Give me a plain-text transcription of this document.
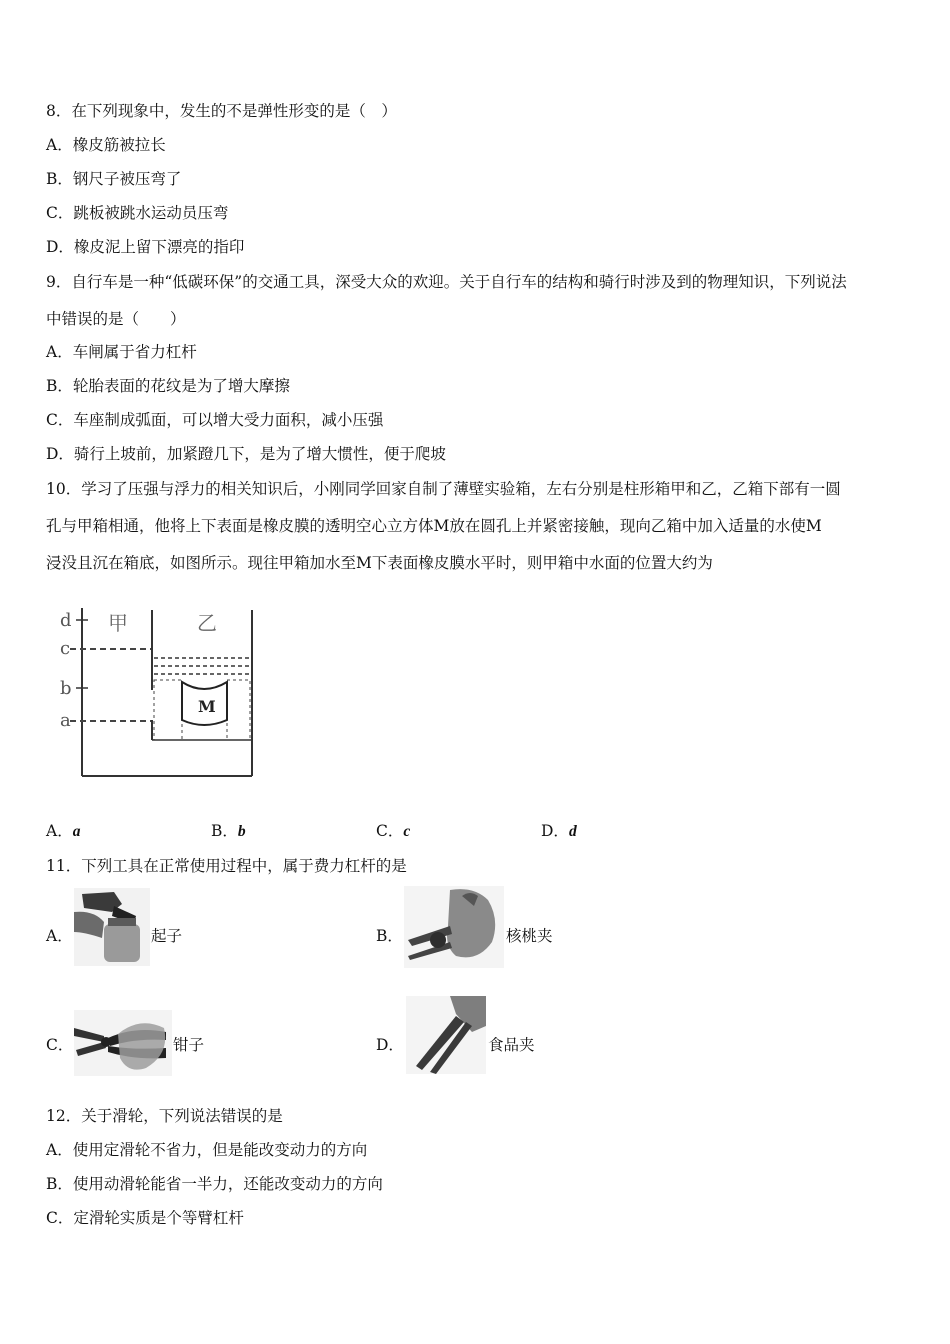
8．在下列现象中，发生的不是弹性形变的是（　）
A．橡皮筋被拉长
B．钢尺子被压弯了
C．跳板被跳水运动员压弯
D．橡皮泥上留下漂亮的指印
9．自行车是一种“低碳环保”的交通工具，深受大众的欢迎。关于自行车的结构和骑行时涉及到的物理知识，下列说法
中错误的是（　　）
A．车闸属于省力杠杆
B．轮胎表面的花纹是为了增大摩擦
C．车座制成弧面，可以增大受力面积，减小压强
D．骑行上坡前，加紧蹬几下，是为了增大惯性，便于爬坡
10．学习了压强与浮力的相关知识后，小刚同学回家自制了薄壁实验箱，左右分别是柱形箱甲和乙，乙箱下部有一圆
孔与甲箱相通，他将上下表面是橡皮膜的透明空心立方体M放在圆孔上并紧密接触，现向乙箱中加入适量的水使M
浸没且沉在箱底，如图所示。现往甲箱加水至M下表面橡皮膜水平时，则甲箱中水面的位置大约为
d
c
b
a
甲	乙
M
A．a	B．b	C．c	D．d
11．下列工具在正常使用过程中，属于费力杠杆的是
A．	起子	B．	核桃夹
C．	钳子	D．	食品夹
12．关于滑轮，下列说法错误的是
A．使用定滑轮不省力，但是能改变动力的方向
B．使用动滑轮能省一半力，还能改变动力的方向
C．定滑轮实质是个等臂杠杆
